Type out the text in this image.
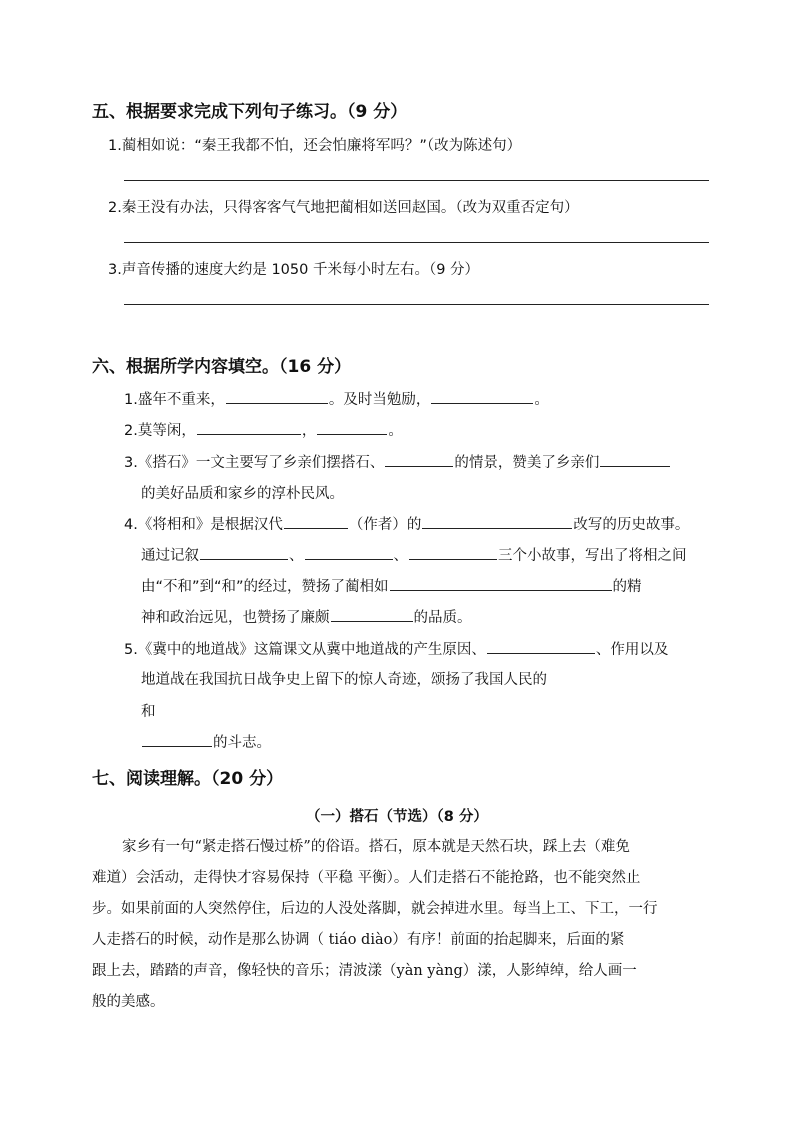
五、根据要求完成下列句子练习。（9 分）
1.蔺相如说：“秦王我都不怕，还会怕廉将军吗？”（改为陈述句）
2.秦王没有办法，只得客客气气地把蔺相如送回赵国。（改为双重否定句）
3.声音传播的速度大约是 1050 千米每小时左右。（9 分）
六、根据所学内容填空。（16 分）
1.盛年不重来，	。及时当勉励，	。
2.莫等闲，	，	。
3.《搭石》一文主要写了乡亲们摆搭石、	的情景，赞美了乡亲们
的美好品质和家乡的淳朴民风。
4.《将相和》是根据汉代	（作者）的	改写的历史故事。
通过记叙	、	、	三个小故事，写出了将相之间
由“不和”到“和”的经过，赞扬了蔺相如	的精
神和政治远见，也赞扬了廉颇	的品质。
5.《冀中的地道战》这篇课文从冀中地道战的产生原因、	、作用以及
地道战在我国抗日战争史上留下的惊人奇迹，颂扬了我国人民的
和
的斗志。
七、阅读理解。（20 分）
（一）搭石（节选）（8 分）
家乡有一句“紧走搭石慢过桥”的俗语。搭石，原本就是天然石块，踩上去（难免
难道）会活动，走得快才容易保持（平稳 平衡）。人们走搭石不能抢路，也不能突然止
步。如果前面的人突然停住，后边的人没处落脚，就会掉进水里。每当上工、下工，一行
人走搭石的时候，动作是那么协调（ tiáo diào）有序！前面的抬起脚来，后面的紧
跟上去，踏踏的声音，像轻快的音乐；清波漾（yàn yàng）漾，人影绰绰，给人画一
般的美感。
